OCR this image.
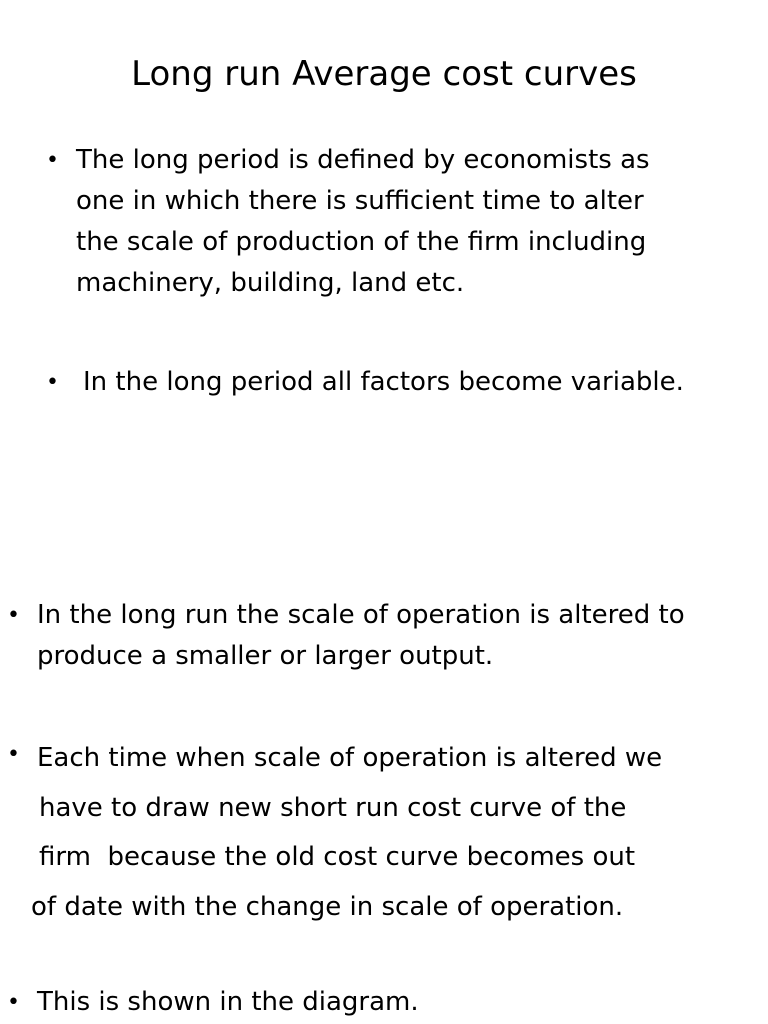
Long run Average cost curves
• The long period is defined by economists as
one in which there is sufficient time to alter
the scale of production of the firm including
machinery, building, land etc.
• In the long period all factors become variable.
• In the long run the scale of operation is altered to
produce a smaller or larger output.
• Each time when scale of operation is altered we
have to draw new short run cost curve of the
firm  because the old cost curve becomes out
of date with the change in scale of operation.
• This is shown in the diagram.
